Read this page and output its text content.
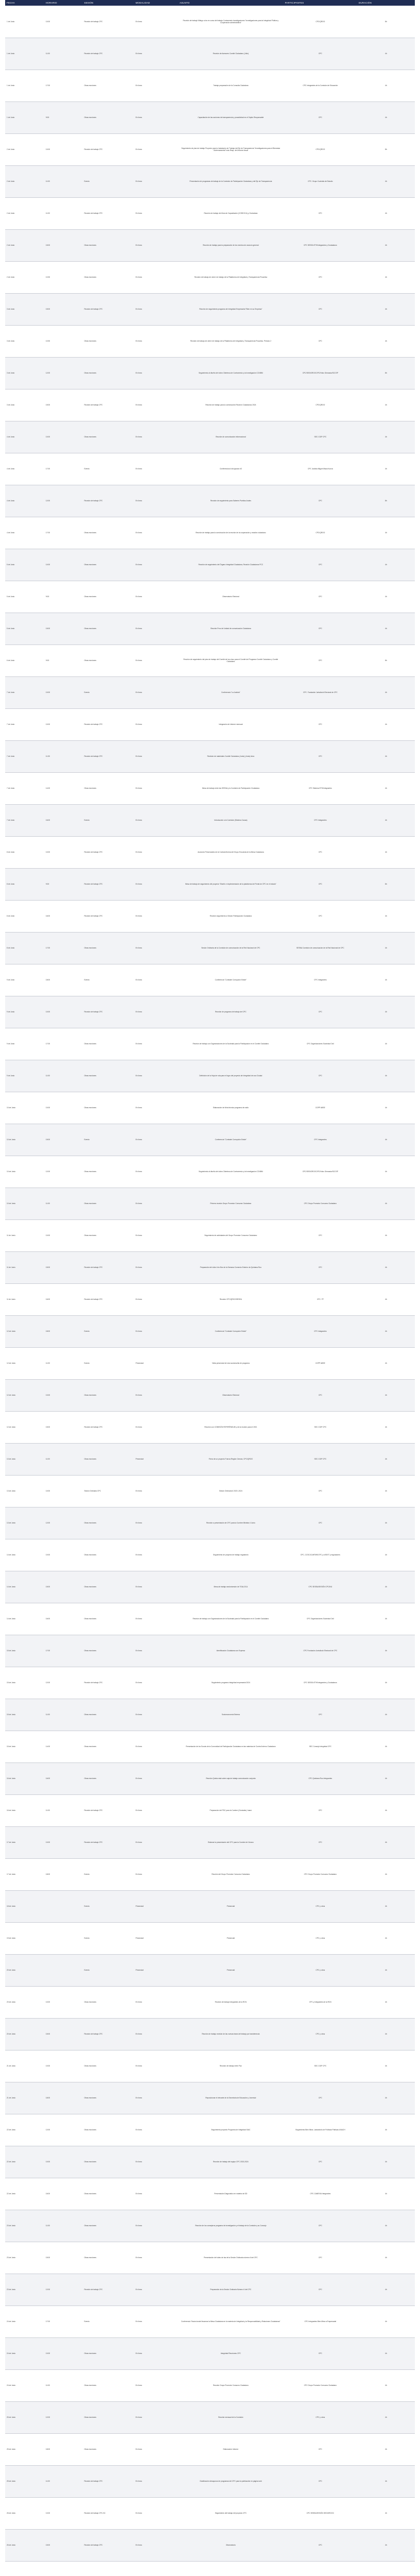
FECHA	HORARIO	SESIÓN	MODALIDAD	ASUNTO	PARTICIPANTES	DURACIÓN
1 de Junio	10:00	Reunión de trabajo CPC	En línea	Reunión de trabajo Ilíttingo a los en curso del trabajo Contrarresto investigaciones "Investigaciones para la Integridad Pública y Cooperación administrativa"	CPC/QROO	8h
1 de Junio	11:00	Reunión de trabajo CPC	En línea	Reunión de Asesores Comité Ciudadano (Julio)	CPC	4h
1 de Junio	17:00	Otras reuniones	En línea	Trabajo preparación de la Consulta Ciudadana	CPC Integrantes de la Comisión de Educación	4h
1 de Junio	9:00	Otras reuniones	En línea	Capacitación de las acciones de transparencia y proactividad en el Sujeto Responsable	CPC	4h
2 de Junio	10:00	Reunión de trabajo CPC	En línea	Seguimiento de plan de trabajo Proyecto para la Instalación de Trabajo del Eje de Transparencia "Investigaciones para el Bienestar Gubernamental" más Resp. del Informe Anual	CPC/QROO	8h
2 de Junio	11:00	Evento	En línea	Presentación de programas de trabajo de la Comisión de Participación Ciudadana y del Eje de Transparencia	CPC. Grupo Coahuila de Estudio	4h
2 de Junio	11:00	Reunión de trabajo CPC	En línea	Reunión de trabajo del Área de Capacitación (CODEJCA) y Ciudadana	CPC	4h
2 de Junio	15:00	Otras reuniones	En línea	Reunión de trabajo para la preparación de los eventos de anuncio general	CPC SESEA ETH/Integrantes y Ciudadanos	4h
2 de Junio	10:30	Otras reuniones	En línea	Reunión de trabajo de cierre de trabajo de la Plataforma de Integridad y Transparencia Proactiva	CPC	4h
3 de Junio	15:00	Reunión de trabajo CPC	En línea	Reunión de seguimiento programa de Integridad Empresarial "Bien en su Empresa"	CPC	4h
3 de Junio	10:30	Otras reuniones	En línea	Reunión de trabajo de cierre de trabajo de la Plataforma de Integridad y Transparencia Proactiva. Periodo 2	CPC	4h
3 de Junio	12:00	Otras reuniones	En línea	Seguimiento al diseño del video Ciberteca de Contrarresto y la Investigación CCNBM	CPC/SEGIGROOC/PC/Hcbc Gimnasio/SCCSP	8h
3 de Junio	15:00	Reunión de trabajo CPC	En línea	Reunión de trabajo para la construcción Reunión Ciudadanos 2024	CPC/QROO	4h
4 de Junio	10:00	Otras reuniones	En línea	Reunión de comunicación informacional	SEC CGIP CPC	4h
4 de Junio	17:00	Evento	En línea	Conferencia al día Ignacio #3	CPC Justicia Miguel Maza Kunza	4h
4 de Junio	12:00	Reunión de trabajo CPC	En línea	Reunión de seguimiento para Saberes Pueblos Andes	CPC	8h
4 de Junio	17:00	Otras reuniones	En línea	Reunión de trabajo para la construcción de la reunión de la cooperación y reactivo ciudadano	CPC/QROO	4h
5 de Junio	10:00	Otras reuniones	En línea	Reunión de seguimiento del Órgano Integridad Ciudadana, Reunión Ciudadanos PCC	CPC	4h
5 de Junio	9:00	Otras reuniones	En línea	Observatorio Electoral	CPC	4h
5 de Junio	15:00	Otras reuniones	En línea	Reunión Pros de Unidad de comunicación Ciudadana	CPC	4h
6 de Junio	9:00	Otras reuniones	En línea	Reunión de seguimiento del plan de trabajo del Comité de los cinco para el Comité del Programa Comité Ciudadano y Comité Ciudadano	CPC	8h
7 de Junio	10:00	Evento	En línea	Conferencia "La Justicia"	CPC. Fundación Jurisdicció Electoral de CPC	4h
7 de Junio	10:00	Reunión de trabajo CPC	En línea	Integración de informe mensual	CPC	4h
7 de Junio	11:30	Reunión de trabajo CPC	En línea	Revisión de materiales Comité Ciudadano (Junio) (Junio) Area	CPC	4h
7 de Junio	14:00	Otras reuniones	En línea	Mesa de trabajo entre las SESNA y la Comisión de Participación Ciudadana	CPC Sistema ETH/Integrantes	4h
7 de Junio	16:00	Evento	En línea	Introducción a la Comisión (Sistema Causa)	CPC Integrantes	4h
8 de Junio	10:00	Reunión de trabajo CPC	En línea	Acciones Presenciales de la Contrarreforma del Grupo Encuesta de la Mesa Ciudadana	CPC	4h
8 de Junio	9:00	Reunión de trabajo CPC	En línea	Mesa de trabajo de seguimiento del proyecto "Diseño e implementación de la plataforma del Portal de CPC en el estado"	CPC	8h
8 de Junio	16:00	Reunión de trabajo CPC	En línea	Reunión seguimiento a Sesión Participación Ciudadana	CPC	4h
8 de Junio	17:00	Otras reuniones	En línea	Sesión Ordinaria de la Comisión de comunicación de la Red Nacional de CPC	SESNA Comisión de comunicación de la Red Nacional de CPC	4h
9 de Junio	18:00	Evento	En línea	Conferencia "Combate Corrupción Existe"	CPC Integrantes	4h
9 de Junio	10:00	Reunión de trabajo CPC	En línea	Reunión de programa de trabajo del CPC	CPC	4h
9 de Junio	17:00	Otras reuniones	En línea	Reunión de trabajo con Organizaciones de la Sociedad para la Participación en el Comité Ciudadano	CPC Organizaciones Sociedad Civil	4h
9 de Junio	11:00	Otras reuniones	En línea	Definición de la Hoja de ruta para el logro del proyecto de Integridad de una Ciudad	CPC	4h
10 de Junio	10:00	Otras reuniones	En línea	Elaboración de ficha técnica programa de radio	CGPP ABSE	4h
10 de Junio	15:00	Evento	En línea	Conferencia "Combate Corrupción Existe"	CPC Integrantes	4h
10 de Junio	12:00	Otras reuniones	En línea	Seguimiento al diseño del video Ciberteca de Contrarresto y la Investigación CCNBM	CPC/SEGIGROOC/PC/Hcbc Gimnasio/SCCSP	4h
10 de Junio	11:00	Otras reuniones	En línea	Primera reunión Grupo Promotor Consumo Ciudadano	CPC Grupo Promotor Consumo Ciudadano	4h
11 de Junio	10:00	Otras reuniones	En línea	Seguimiento de actividades del Grupo Promotor Consumo Ciudadano	CPC	4h
11 de Junio	15:00	Reunión de trabajo CPC	En línea	Preparación del video Vox Box de la Semana Comercio Exterior de Quintana Roo	CPC	4h
11 de Junio	16:00	Reunión de trabajo CPC	En línea	Reunión CPC/QROO/SESEA	CPC. FF	4h
12 de Junio	18:00	Evento	En línea	Conferencia "Combate Corrupción Existe"	CPC Integrantes	4h
12 de Junio	11:00	Evento	Presencial	Visita presencial de ruta socioescrita de programa	CGPP ABSE	4h
12 de Junio	10:00	Otras reuniones	En línea	Observatorio Electoral	CPC	4h
12 de Junio	15:00	Reunión de trabajo CPC	En línea	Reunión con COMISIÓN REFERÉNDUM y de la reunión para el 2021	SEC CGIP CPC	4h
13 de Junio	11:00	Otras reuniones	Presencial	Firma de un proyecto Fuerza Región Ciencia, CPC/QROO	SEC CGIP CPC	4h
13 de Junio	10:00	Sesión Ordinaria CPC	En línea	Sesión Ordinaria 6 2023 -2024	CPC	4h
13 de Junio	12:00	Otras reuniones	En línea	Reunión a presentación de CPC para la Cumbre Ministra 4 Junio	CPC	4h
14 de Junio	10:00	Otras reuniones	En línea	Seguimiento de proyecto de trabajo regulatorio	CPC, CCSC/CUMTMS/CPC y a BEXT y reguladores	4h
14 de Junio	15:00	Otras reuniones	En línea	Mesa de trabajo sesión/sesión de TOALOCA	CPC SESEA/SESIÓN CPC/INJ	4h
14 de Junio	16:00	Otras reuniones	En línea	Reunión de trabajo con Organizaciones de la Sociedad para la Participación en el Comité Ciudadano	CPC Organizaciones Sociedad Civil	4h
15 de Junio	17:00	Otras reuniones	En línea	Identificación Ciudadana con Expresa	CPC Fundación Jurisdicció Electoral de CPC	4h
15 de Junio	12:00	Reunión de trabajo CPC	En línea	Seguimiento programa integridad empresarial 2024	CPC SESEA ETH/Integrantes y Ciudadanos	4h
15 de Junio	11:00	Otras reuniones	En línea	Socioeconomía Externa	CPC	4h
15 de Junio	14:00	Otras reuniones	En línea	Presentación de los Scouts de la Comunidad de Participación Ciudadana en las materias de Control Interno Ciudadano	SEC Consejo Integridad CPC	4h
16 de Junio	16:00	Otras reuniones	En línea	Reunión Quinta está sobre caja de trabajo comunicación conjunta	CPC Quintana Roo Integrantes	4h
16 de Junio	11:00	Reunión de trabajo CPC	En línea	Preparación del PDC para la Cumbre (Ciudades) Juanú	CPC	4h
17 de Junio	10:00	Reunión de trabajo CPC	En línea	Elaborar la presentación del CPC para la Cumbre de Verano	CPC	4h
17 de Junio	18:00	Evento	En línea	Reunión del Grupo Promotor Consumo Ciudadano	CPC Grupo Promotor Consumo Ciudadano	4h
18 de Junio		Evento	Presencial	Presencial	CPC y otros	4h
19 de Junio		Evento	Presencial	Presencial	CPC y otros	4h
20 de Junio		Evento	Presencial	Presencial	CPC y otros	4h
20 de Junio	10:00	Otras reuniones	En línea	Reunión de trabajo Integrantes de la RCN	CPC y integrantes de la RCN	4h
20 de Junio	15:00	Reunión de trabajo CPC	En línea	Reunión de trabajo revisión de las nuevas fases del trabajo por transferencia	CPC y otros	4h
21 de Junio	10:00	Otras reuniones	En línea	Reunión de trabajo entre Paz	SEC CGIP CPC	4h
21 de Junio	18:00	Otras reuniones	En línea	Reposicionar el elevante de la Secretaría de Educación y Juventud	CPC	4h
22 de Junio	12:00	Otras reuniones	En línea	Seguimiento proyecto Programa de Integridad SIAC	Seguimiento Bien Mirar, Laboratorio de Políticas Públicas UNACH	4h
22 de Junio	10:00	Otras reuniones	En línea	Reunión de trabajo del equipo CPC 2023-2024	CPC	4h
22 de Junio	16:00	Otras reuniones	En línea	Presentación Diagnóstico en materia de DD	CPC CAMEXIA Integrantes	4h
23 de Junio	11:00	Otras reuniones	En línea	Reunión de los consejeros programa de investigación y el trabajo de la Comisión y su Consejo	CPC	4h
23 de Junio	15:00	Otras reuniones	En línea	Presentación del video de las de la Sesión Ordinaria número 6 del CPC	CPC	4h
23 de Junio	12:00	Reunión de trabajo CPC	En línea	Preparación de la Sesión Ordinaria Número 6 del CPC	CPC	4h
24 de Junio	17:00	Evento	En línea	Conferencia "Hacia donde llevamos la Mesa Ciudadana en la materia de Integridad y la Responsabilidad y Relaciones Ciudadanas"	CPC Integrantes Bien Mirar a Empresarial	4h
24 de Junio	10:00	Otras reuniones	En línea	Integridad Reuniones CPC	CPC	4h
24 de Junio	11:00	Otras reuniones	En línea	Reunión Grupo Promotor Consumo Ciudadano	CPC Grupo Promotor Consumo Ciudadano	4h
25 de Junio	12:00	Otras reuniones	En línea	Reunión mensual de la Comisión	CPC y otros	4h
25 de Junio	18:00	Otras reuniones	En línea	Elaboración Informe	CPC	4h
25 de Junio	11:00	Reunión de trabajo CPC	En línea	Clasificación desayunos de programas del CPC para la publicación en página web	CPC	4h
26 de Junio	10:00	Reunión de trabajo CPC-SC	En línea	Seguimiento del trabajo del proyecto CPC	CPC SESEA/SESIÓN SEGIGROOC	4h
26 de Junio	15:00	Reunión de trabajo CPC	En línea	Observatorio	CPC	4h
